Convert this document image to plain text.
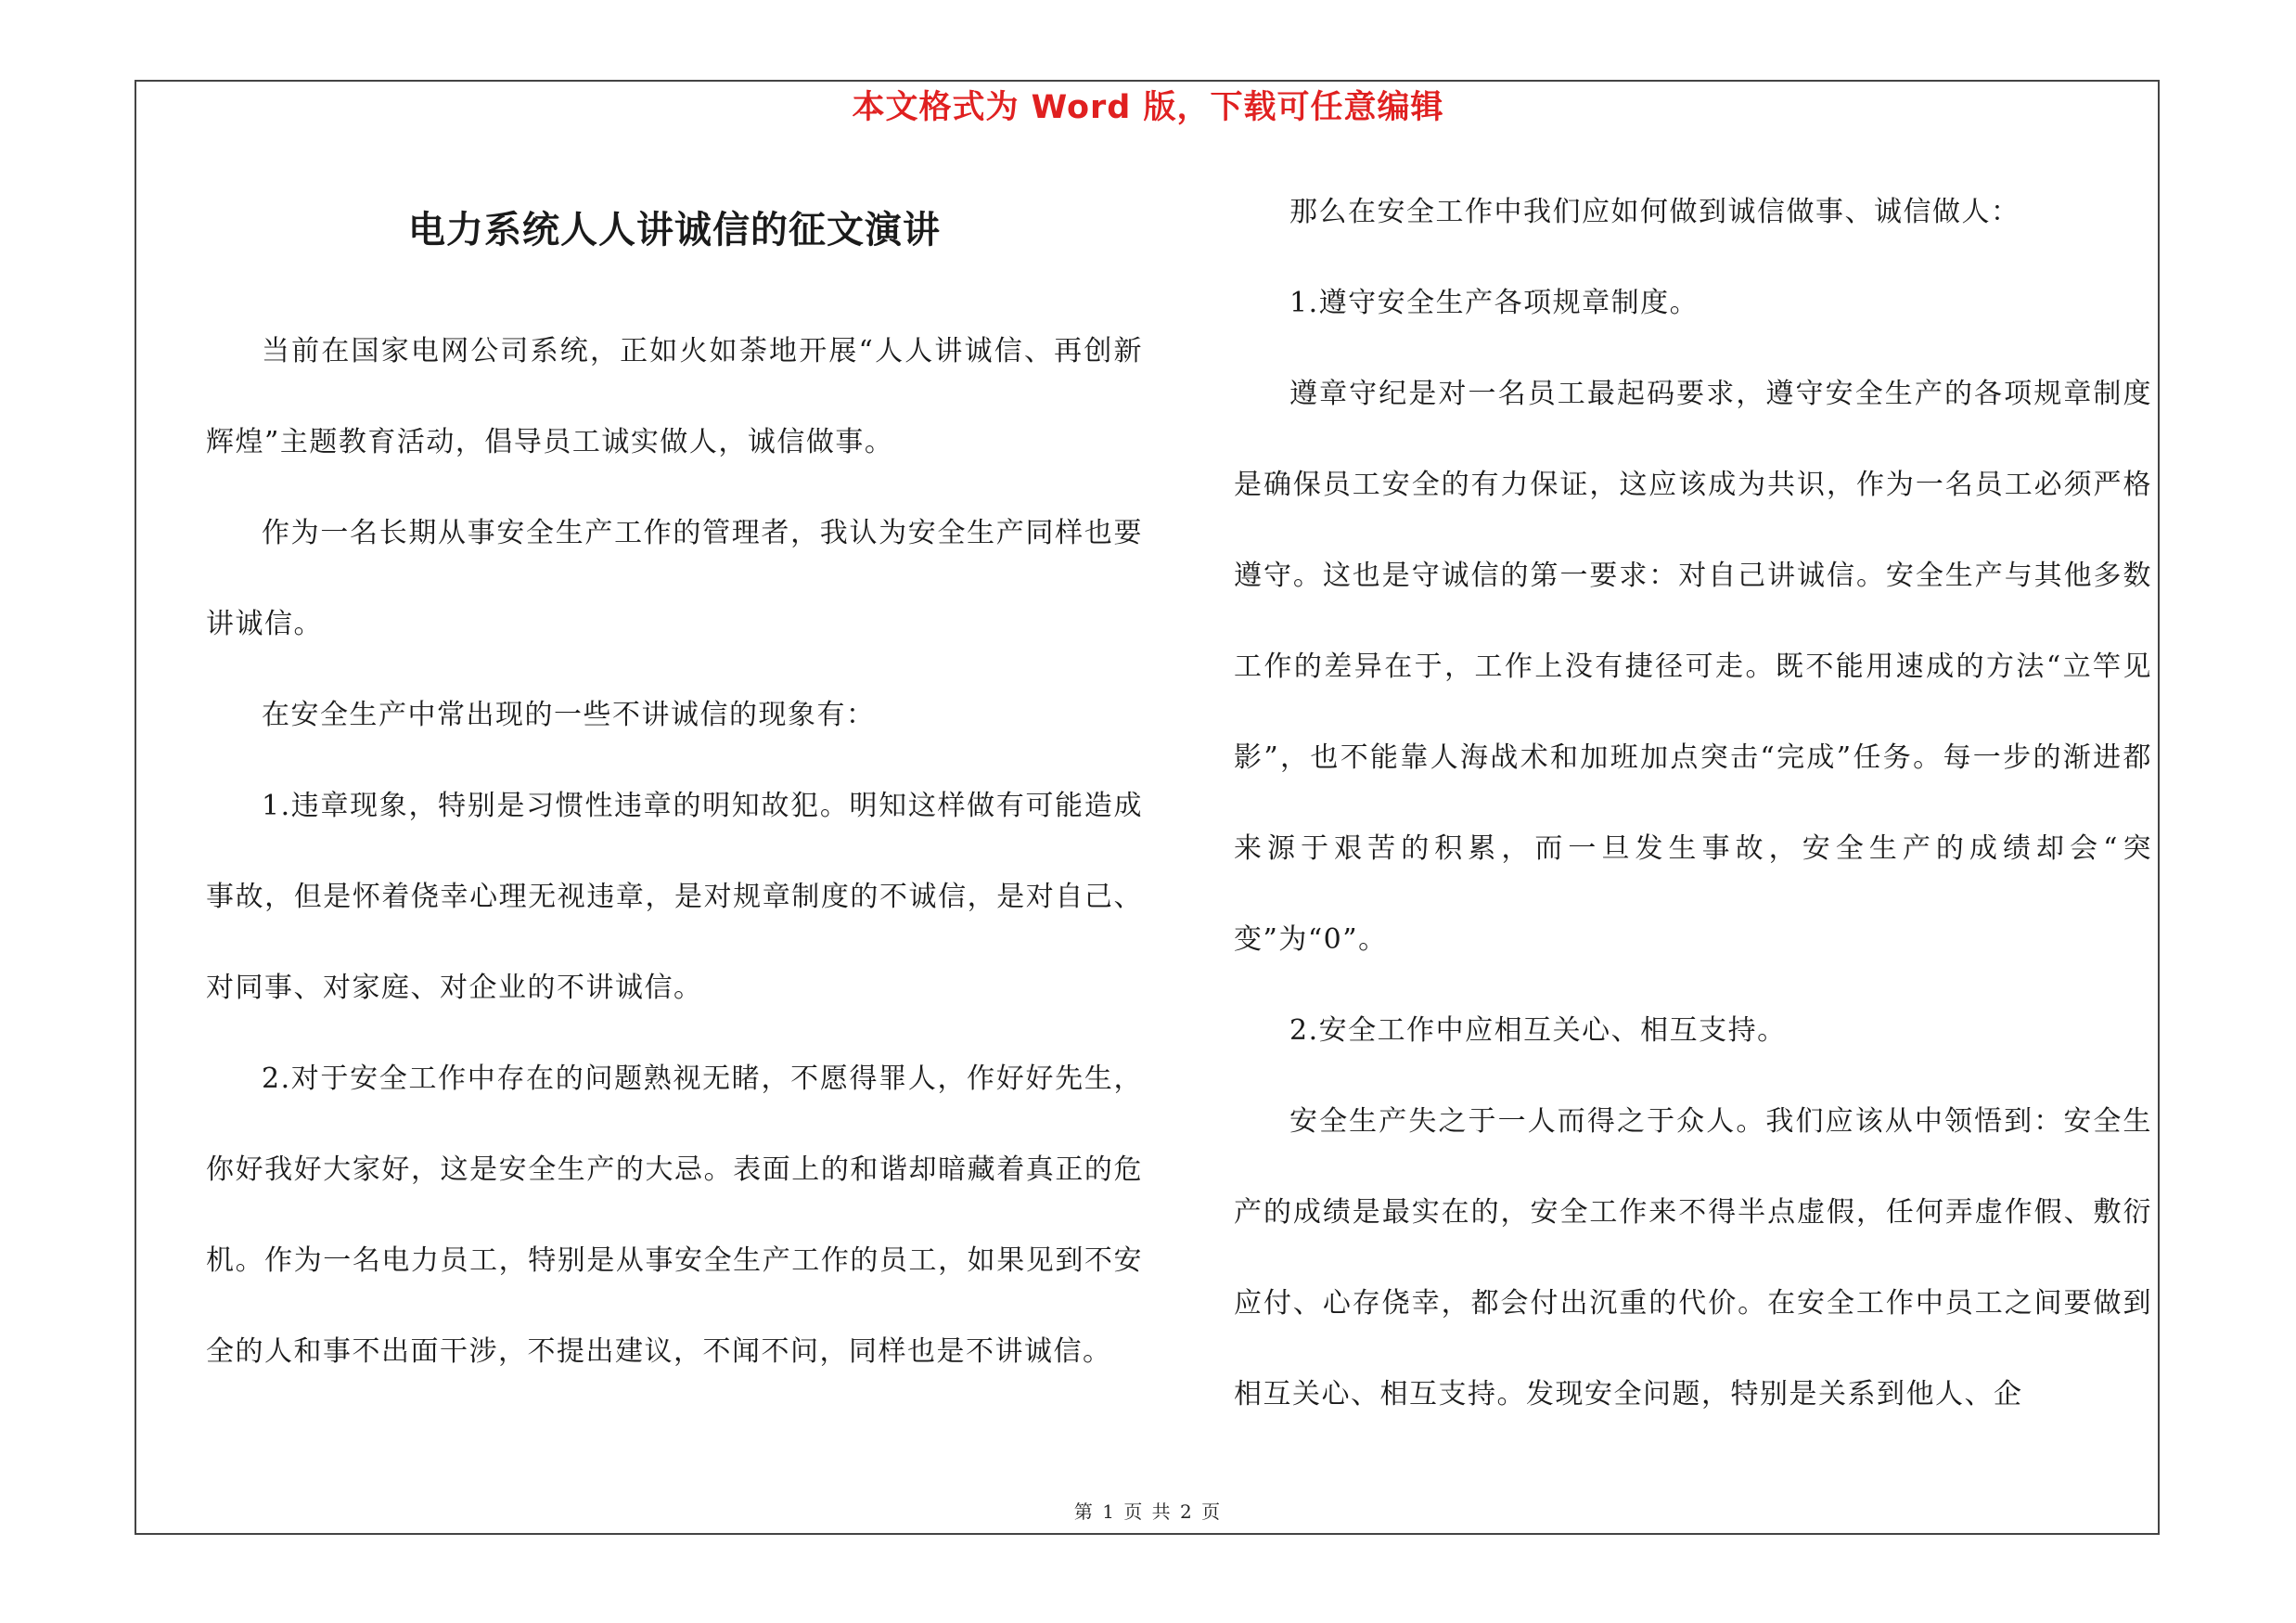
本文格式为 Word 版，下载可任意编辑
电力系统人人讲诚信的征文演讲

当前在国家电网公司系统，正如火如荼地开展“人人讲诚信、再创新辉煌”主题教育活动，倡导员工诚实做人，诚信做事。

作为一名长期从事安全生产工作的管理者，我认为安全生产同样也要讲诚信。

在安全生产中常出现的一些不讲诚信的现象有：

1.违章现象，特别是习惯性违章的明知故犯。明知这样做有可能造成事故，但是怀着侥幸心理无视违章，是对规章制度的不诚信，是对自己、对同事、对家庭、对企业的不讲诚信。

2.对于安全工作中存在的问题熟视无睹，不愿得罪人，作好好先生，你好我好大家好，这是安全生产的大忌。表面上的和谐却暗藏着真正的危机。作为一名电力员工，特别是从事安全生产工作的员工，如果见到不安全的人和事不出面干涉，不提出建议，不闻不问，同样也是不讲诚信。

那么在安全工作中我们应如何做到诚信做事、诚信做人：

1.遵守安全生产各项规章制度。

遵章守纪是对一名员工最起码要求，遵守安全生产的各项规章制度是确保员工安全的有力保证，这应该成为共识，作为一名员工必须严格遵守。这也是守诚信的第一要求：对自己讲诚信。安全生产与其他多数工作的差异在于，工作上没有捷径可走。既不能用速成的方法“立竿见影”，也不能靠人海战术和加班加点突击“完成”任务。每一步的渐进都来源于艰苦的积累，而一旦发生事故，安全生产的成绩却会“突变”为“0”。

2.安全工作中应相互关心、相互支持。

安全生产失之于一人而得之于众人。我们应该从中领悟到：安全生产的成绩是最实在的，安全工作来不得半点虚假，任何弄虚作假、敷衍应付、心存侥幸，都会付出沉重的代价。在安全工作中员工之间要做到相互关心、相互支持。发现安全问题，特别是关系到他人、企

第 1 页 共 2 页
